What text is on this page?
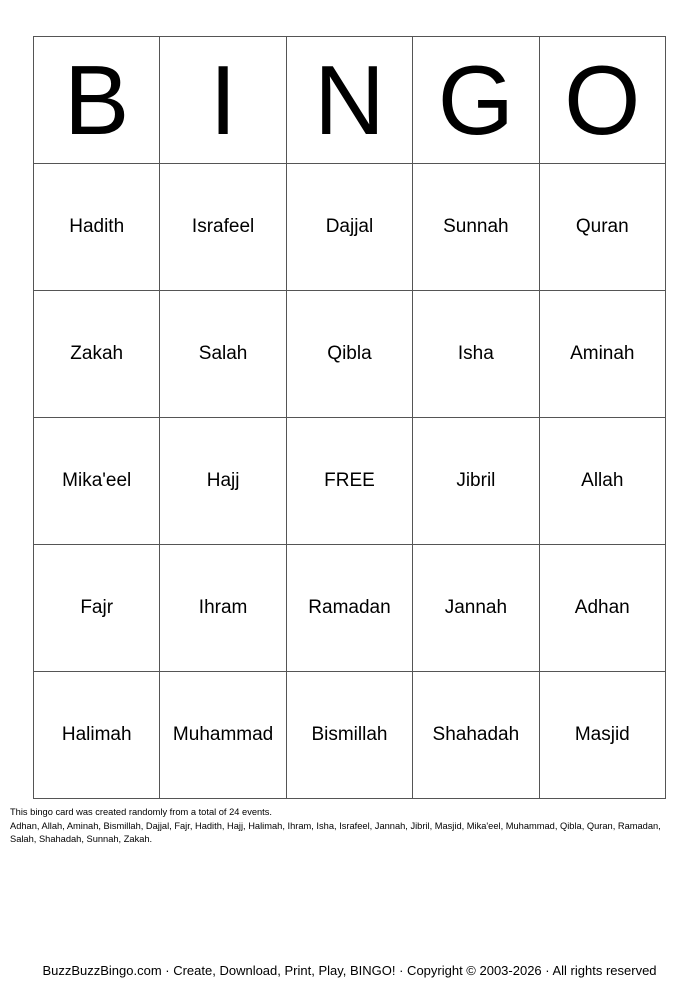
B	I	N	G	O
Hadith	Israfeel	Dajjal	Sunnah	Quran
Zakah	Salah	Qibla	Isha	Aminah
Mika'eel	Hajj	FREE	Jibril	Allah
Fajr	Ihram	Ramadan	Jannah	Adhan
Halimah	Muhammad	Bismillah	Shahadah	Masjid
This bingo card was created randomly from a total of 24 events.
Adhan, Allah, Aminah, Bismillah, Dajjal, Fajr, Hadith, Hajj, Halimah, Ihram, Isha, Israfeel, Jannah, Jibril, Masjid, Mika'eel, Muhammad, Qibla, Quran, Ramadan, Salah, Shahadah, Sunnah, Zakah.
BuzzBuzzBingo.com · Create, Download, Print, Play, BINGO! · Copyright © 2003-2026 · All rights reserved
